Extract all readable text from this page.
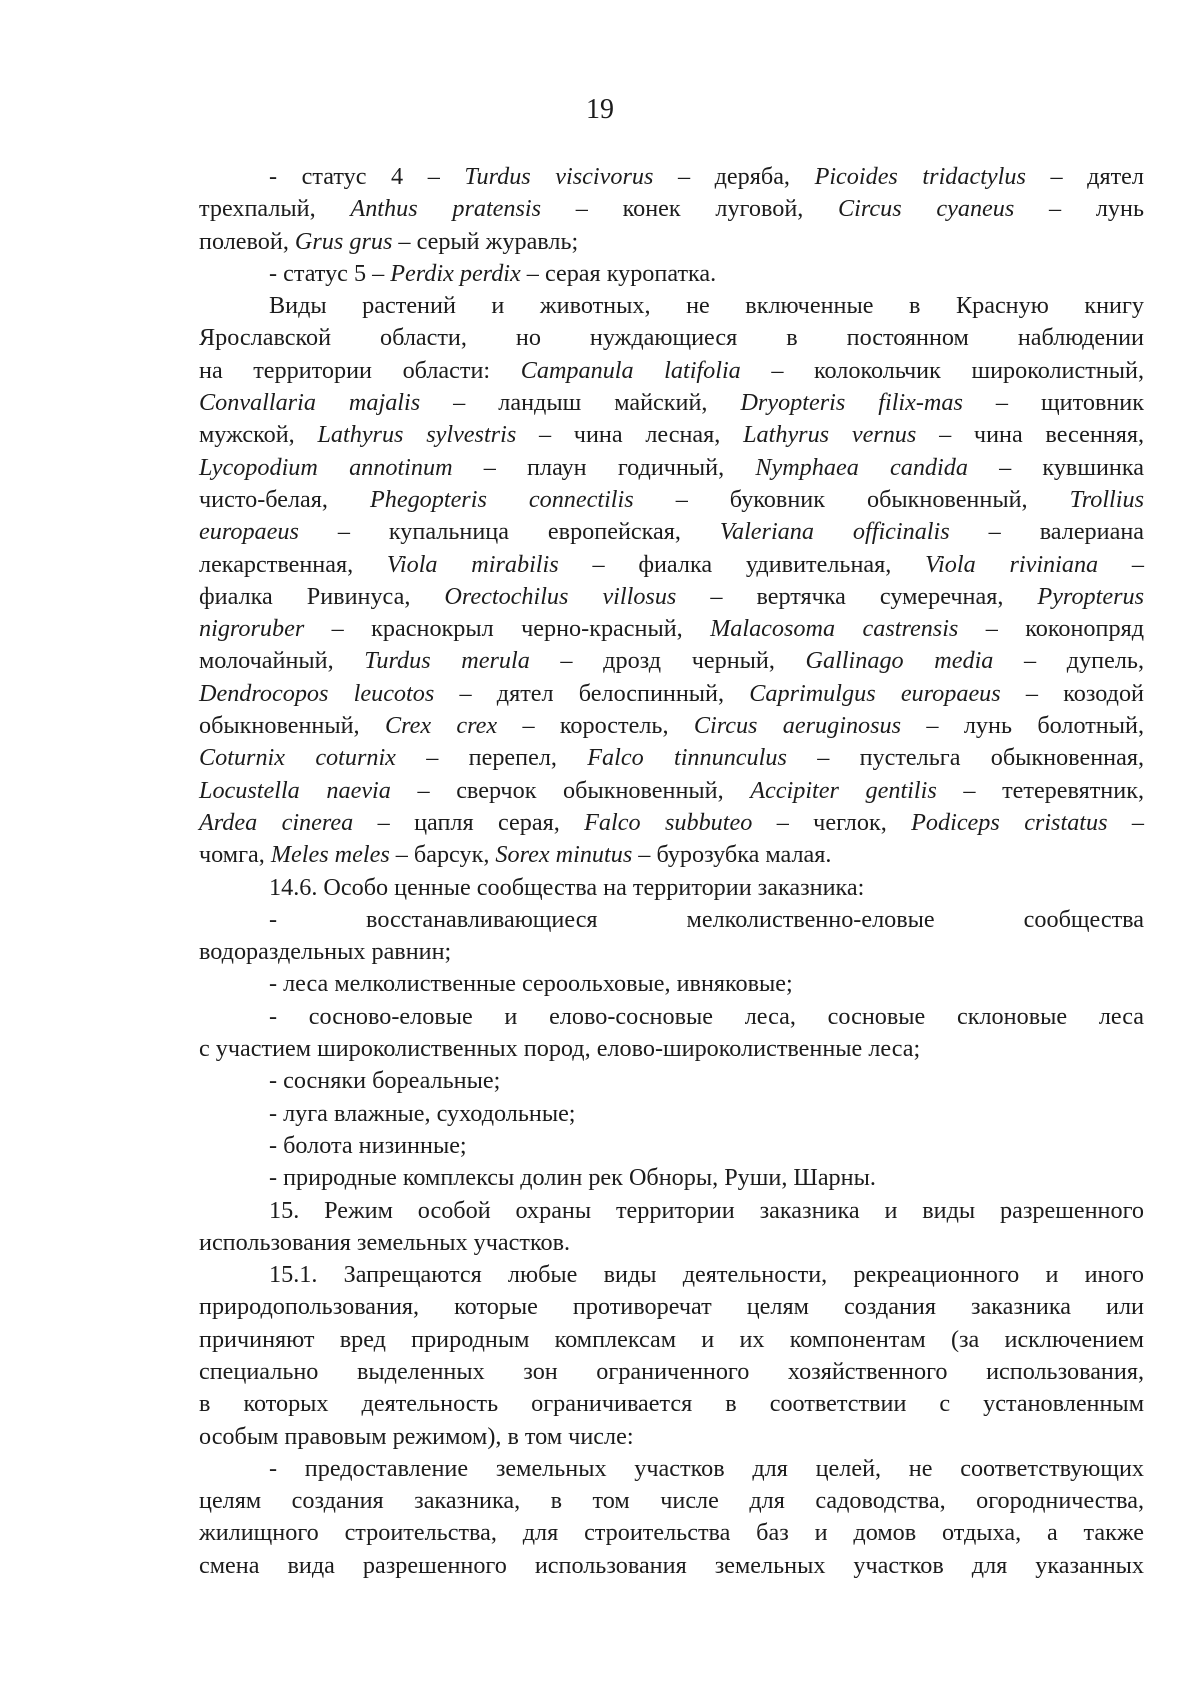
19
- статус 4 – Turdus viscivorus – деряба, Picoides tridactylus – дятел
трехпалый, Anthus pratensis – конек луговой, Circus cyaneus – лунь
полевой, Grus grus – серый журавль;
- статус 5 – Perdix perdix – серая куропатка.
Виды растений и животных, не включенные в Красную книгу
Ярославской области, но нуждающиеся в постоянном наблюдении
на территории области: Campanula latifolia – колокольчик широколистный,
Convallaria majalis – ландыш майский, Dryopteris filix-mas – щитовник
мужской, Lathyrus sylvestris – чина лесная, Lathyrus vernus – чина весенняя,
Lycopodium annotinum – плаун годичный, Nymphaea candida – кувшинка
чисто-белая, Phegopteris connectilis – буковник обыкновенный, Trollius
europaeus – купальница европейская, Valeriana officinalis – валериана
лекарственная, Viola mirabilis – фиалка удивительная, Viola riviniana –
фиалка Ривинуса, Orectochilus villosus – вертячка сумеречная, Pyropterus
nigroruber – краснокрыл черно-красный, Malacosoma castrensis – коконопряд
молочайный, Turdus merula – дрозд черный, Gallinago media – дупель,
Dendrocopos leucotos – дятел белоспинный, Caprimulgus europaeus – козодой
обыкновенный, Crex crex – коростель, Circus aeruginosus – лунь болотный,
Coturnix coturnix – перепел, Falco tinnunculus – пустельга обыкновенная,
Locustella naevia – сверчок обыкновенный, Accipiter gentilis – тетеревятник,
Ardea cinerea – цапля серая, Falco subbuteo – чеглок, Podiceps cristatus –
чомга, Meles meles – барсук, Sorex minutus – бурозубка малая.
14.6. Особо ценные сообщества на территории заказника:
- восстанавливающиеся мелколиственно-еловые сообщества
водораздельных равнин;
- леса мелколиственные сероольховые, ивняковые;
- сосново-еловые и елово-сосновые леса, сосновые склоновые леса
с участием широколиственных пород, елово-широколиственные леса;
- сосняки бореальные;
- луга влажные, суходольные;
- болота низинные;
- природные комплексы долин рек Обноры, Руши, Шарны.
15. Режим особой охраны территории заказника и виды разрешенного
использования земельных участков.
15.1. Запрещаются любые виды деятельности, рекреационного и иного
природопользования, которые противоречат целям создания заказника или
причиняют вред природным комплексам и их компонентам (за исключением
специально выделенных зон ограниченного хозяйственного использования,
в которых деятельность ограничивается в соответствии с установленным
особым правовым режимом), в том числе:
- предоставление земельных участков для целей, не соответствующих
целям создания заказника, в том числе для садоводства, огородничества,
жилищного строительства, для строительства баз и домов отдыха, а также
смена вида разрешенного использования земельных участков для указанных
